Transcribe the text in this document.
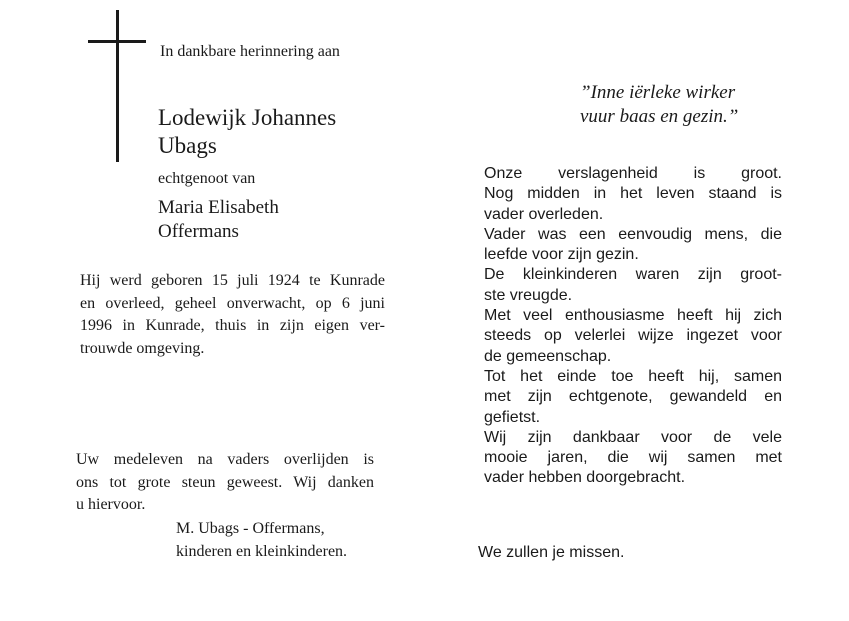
In dankbare herinnering aan
Lodewijk Johannes
Ubags
echtgenoot van
Maria Elisabeth
Offermans
Hij werd geboren 15 juli 1924 te Kunrade
en overleed, geheel onverwacht, op 6 juni
1996 in Kunrade, thuis in zijn eigen ver-
trouwde omgeving.
Uw medeleven na vaders overlijden is
ons tot grote steun geweest. Wij danken
u hiervoor.
M. Ubags - Offermans,
kinderen en kleinkinderen.
”Inne iërleke wirker
vuur baas en gezin.”
Onze verslagenheid is groot.
Nog midden in het leven staand is
vader overleden.
Vader was een eenvoudig mens, die
leefde voor zijn gezin.
De kleinkinderen waren zijn groot-
ste vreugde.
Met veel enthousiasme heeft hij zich
steeds op velerlei wijze ingezet voor
de gemeenschap.
Tot het einde toe heeft hij, samen
met zijn echtgenote, gewandeld en
gefietst.
Wij zijn dankbaar voor de vele
mooie jaren, die wij samen met
vader hebben doorgebracht.
We zullen je missen.
